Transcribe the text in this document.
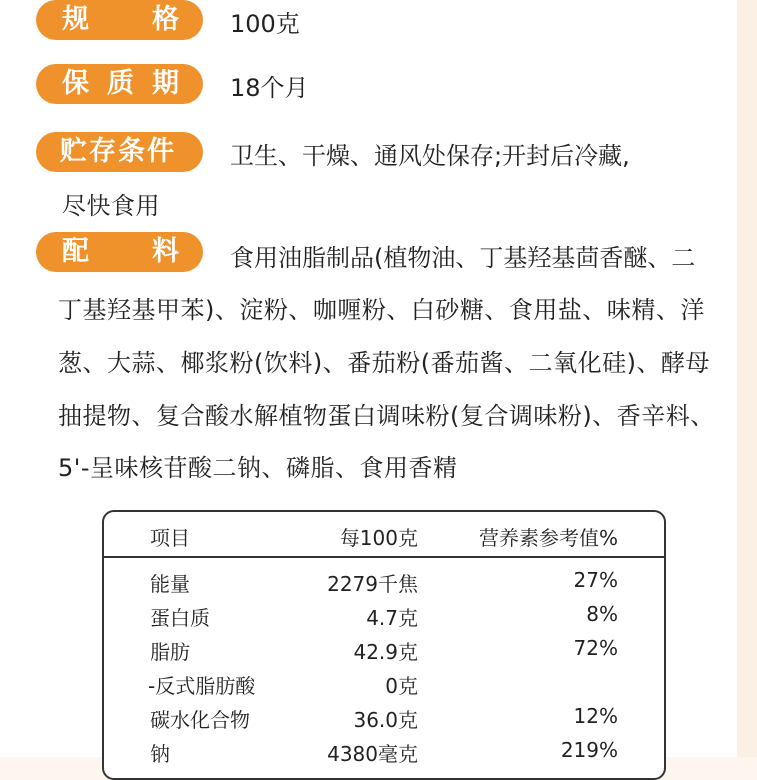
规 格 100克
保 质 期 18个月
贮存条件 卫生、干燥、通风处保存;开封后冷藏,
尽快食用
配 料 食用油脂制品(植物油、丁基羟基茴香醚、二
丁基羟基甲苯)、淀粉、咖喱粉、白砂糖、食用盐、味精、洋
葱、大蒜、椰浆粉(饮料)、番茄粉(番茄酱、二氧化硅)、酵母
抽提物、复合酸水解植物蛋白调味粉(复合调味粉)、香辛料、
5'-呈味核苷酸二钠、磷脂、食用香精
项目	每100克	营养素参考值%
能量	2279千焦	27%
蛋白质	4.7克	8%
脂肪	42.9克	72%
-反式脂肪酸	0克
碳水化合物	36.0克	12%
钠	4380毫克	219%
